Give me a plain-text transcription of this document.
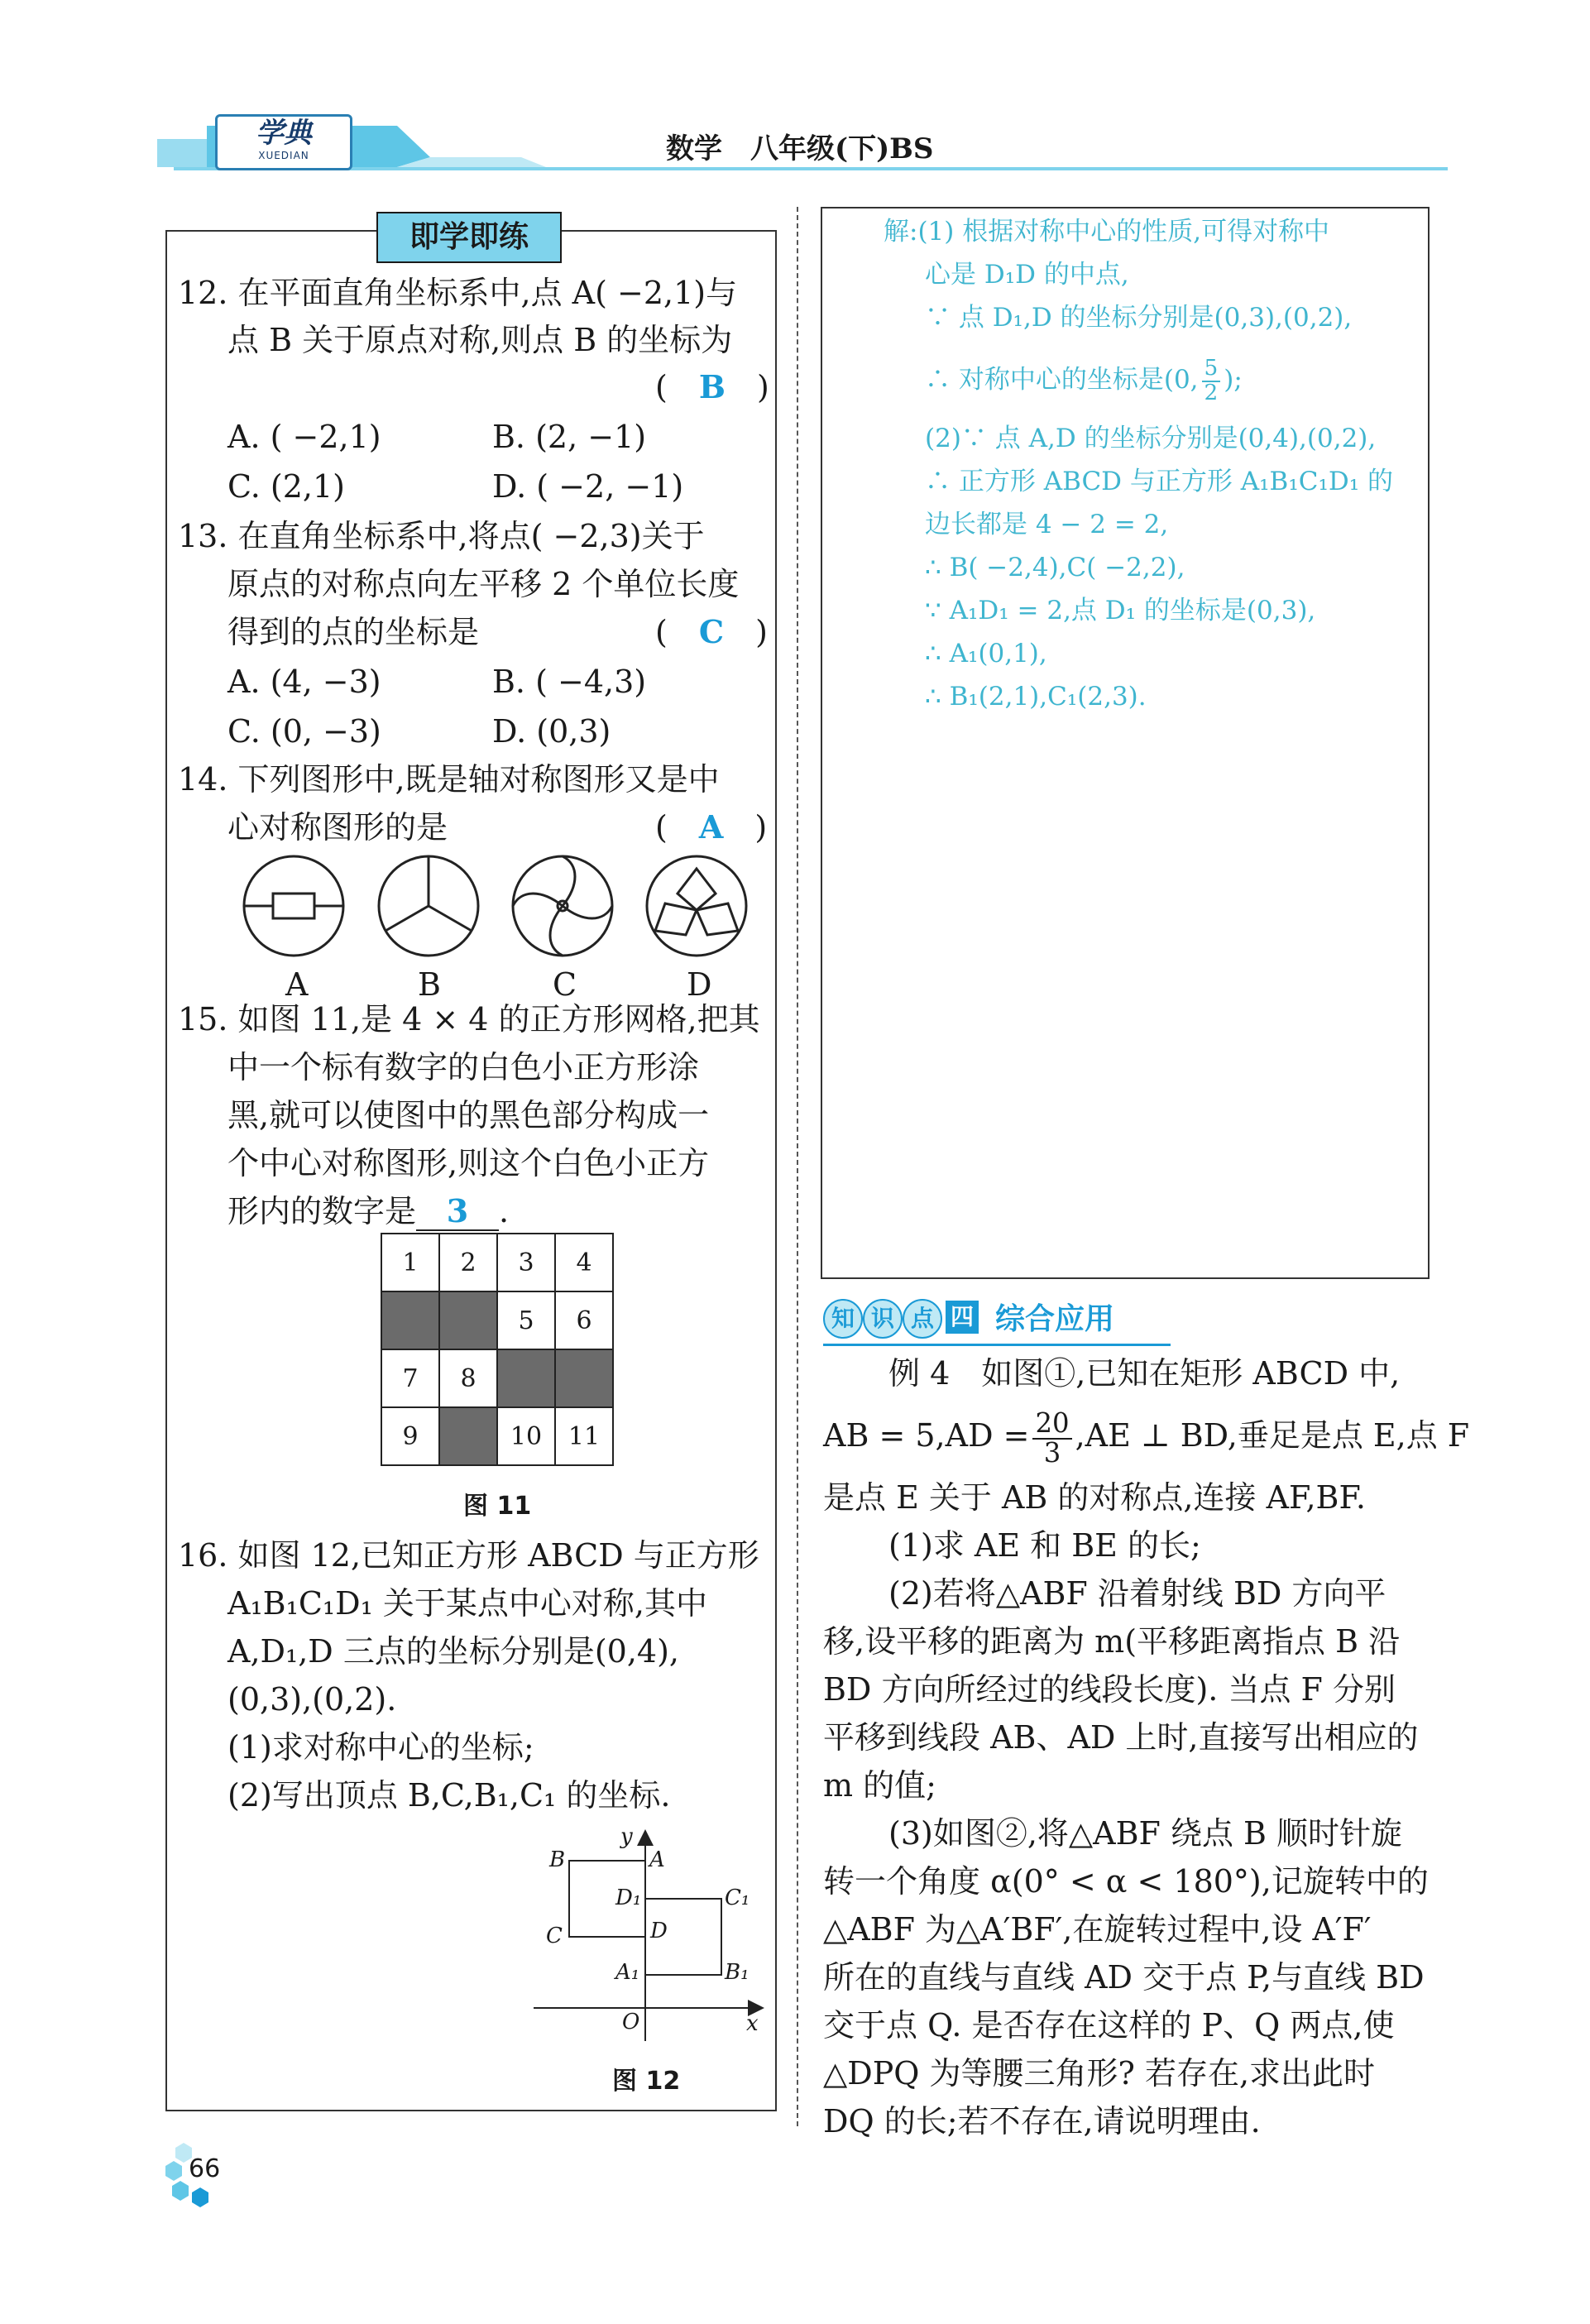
学典
XUEDIAN	数学　八年级(下)BS
即学即练
12. 在平面直角坐标系中,点 A( −2,1)与
点 B 关于原点对称,则点 B 的坐标为
(　B　)
A. ( −2,1)	B. (2, −1)
C. (2,1)	D. ( −2, −1)
13. 在直角坐标系中,将点( −2,3)关于
原点的对称点向左平移 2 个单位长度
得到的点的坐标是	(　C　)
A. (4, −3)	B. ( −4,3)
C. (0, −3)	D. (0,3)
14. 下列图形中,既是轴对称图形又是中
心对称图形的是	(　A　)
A	B	C	D
15. 如图 11,是 4 × 4 的正方形网格,把其
中一个标有数字的白色小正方形涂
黑,就可以使图中的黑色部分构成一
个中心对称图形,则这个白色小正方
形内的数字是 3 .
1	2	3	4
		5	6
7	8		
9		10	11
图 11
16. 如图 12,已知正方形 ABCD 与正方形
A₁B₁C₁D₁ 关于某点中心对称,其中
A,D₁,D 三点的坐标分别是(0,4),
(0,3),(0,2).
(1)求对称中心的坐标;
(2)写出顶点 B,C,B₁,C₁ 的坐标.
y
x
O
B	A
D₁	C₁
D
C
A₁	B₁
图 12
解:(1) 根据对称中心的性质,可得对称中
心是 D₁D 的中点,
∵ 点 D₁,D 的坐标分别是(0,3),(0,2),
∴ 对称中心的坐标是(0, $\frac{5}{2}$ );
(2)∵ 点 A,D 的坐标分别是(0,4),(0,2),
∴ 正方形 ABCD 与正方形 A₁B₁C₁D₁ 的
边长都是 4 − 2 = 2,
∴ B( −2,4),C( −2,2),
∵ A₁D₁ = 2,点 D₁ 的坐标是(0,3),
∴ A₁(0,1),
∴ B₁(2,1),C₁(2,3).
知 识 点 四 综合应用
例 4　如图①,已知在矩形 ABCD 中,
AB = $5,AD = \frac{20}{3} ,AE$ ⊥ BD,垂足是点 E,点 F
是点 E 关于 AB 的对称点,连接 AF,BF.
(1)求 AE 和 BE 的长;
(2)若将△ABF 沿着射线 BD 方向平
移,设平移的距离为 m(平移距离指点 B 沿
BD 方向所经过的线段长度). 当点 F 分别
平移到线段 AB、AD 上时,直接写出相应的
m 的值;
(3)如图②,将△ABF 绕点 B 顺时针旋
转一个角度 α(0° < α < 180°),记旋转中的
△ABF 为△A′BF′,在旋转过程中,设 A′F′
所在的直线与直线 AD 交于点 P,与直线 BD
交于点 Q. 是否存在这样的 P、Q 两点,使
△DPQ 为等腰三角形? 若存在,求出此时
DQ 的长;若不存在,请说明理由.
66
